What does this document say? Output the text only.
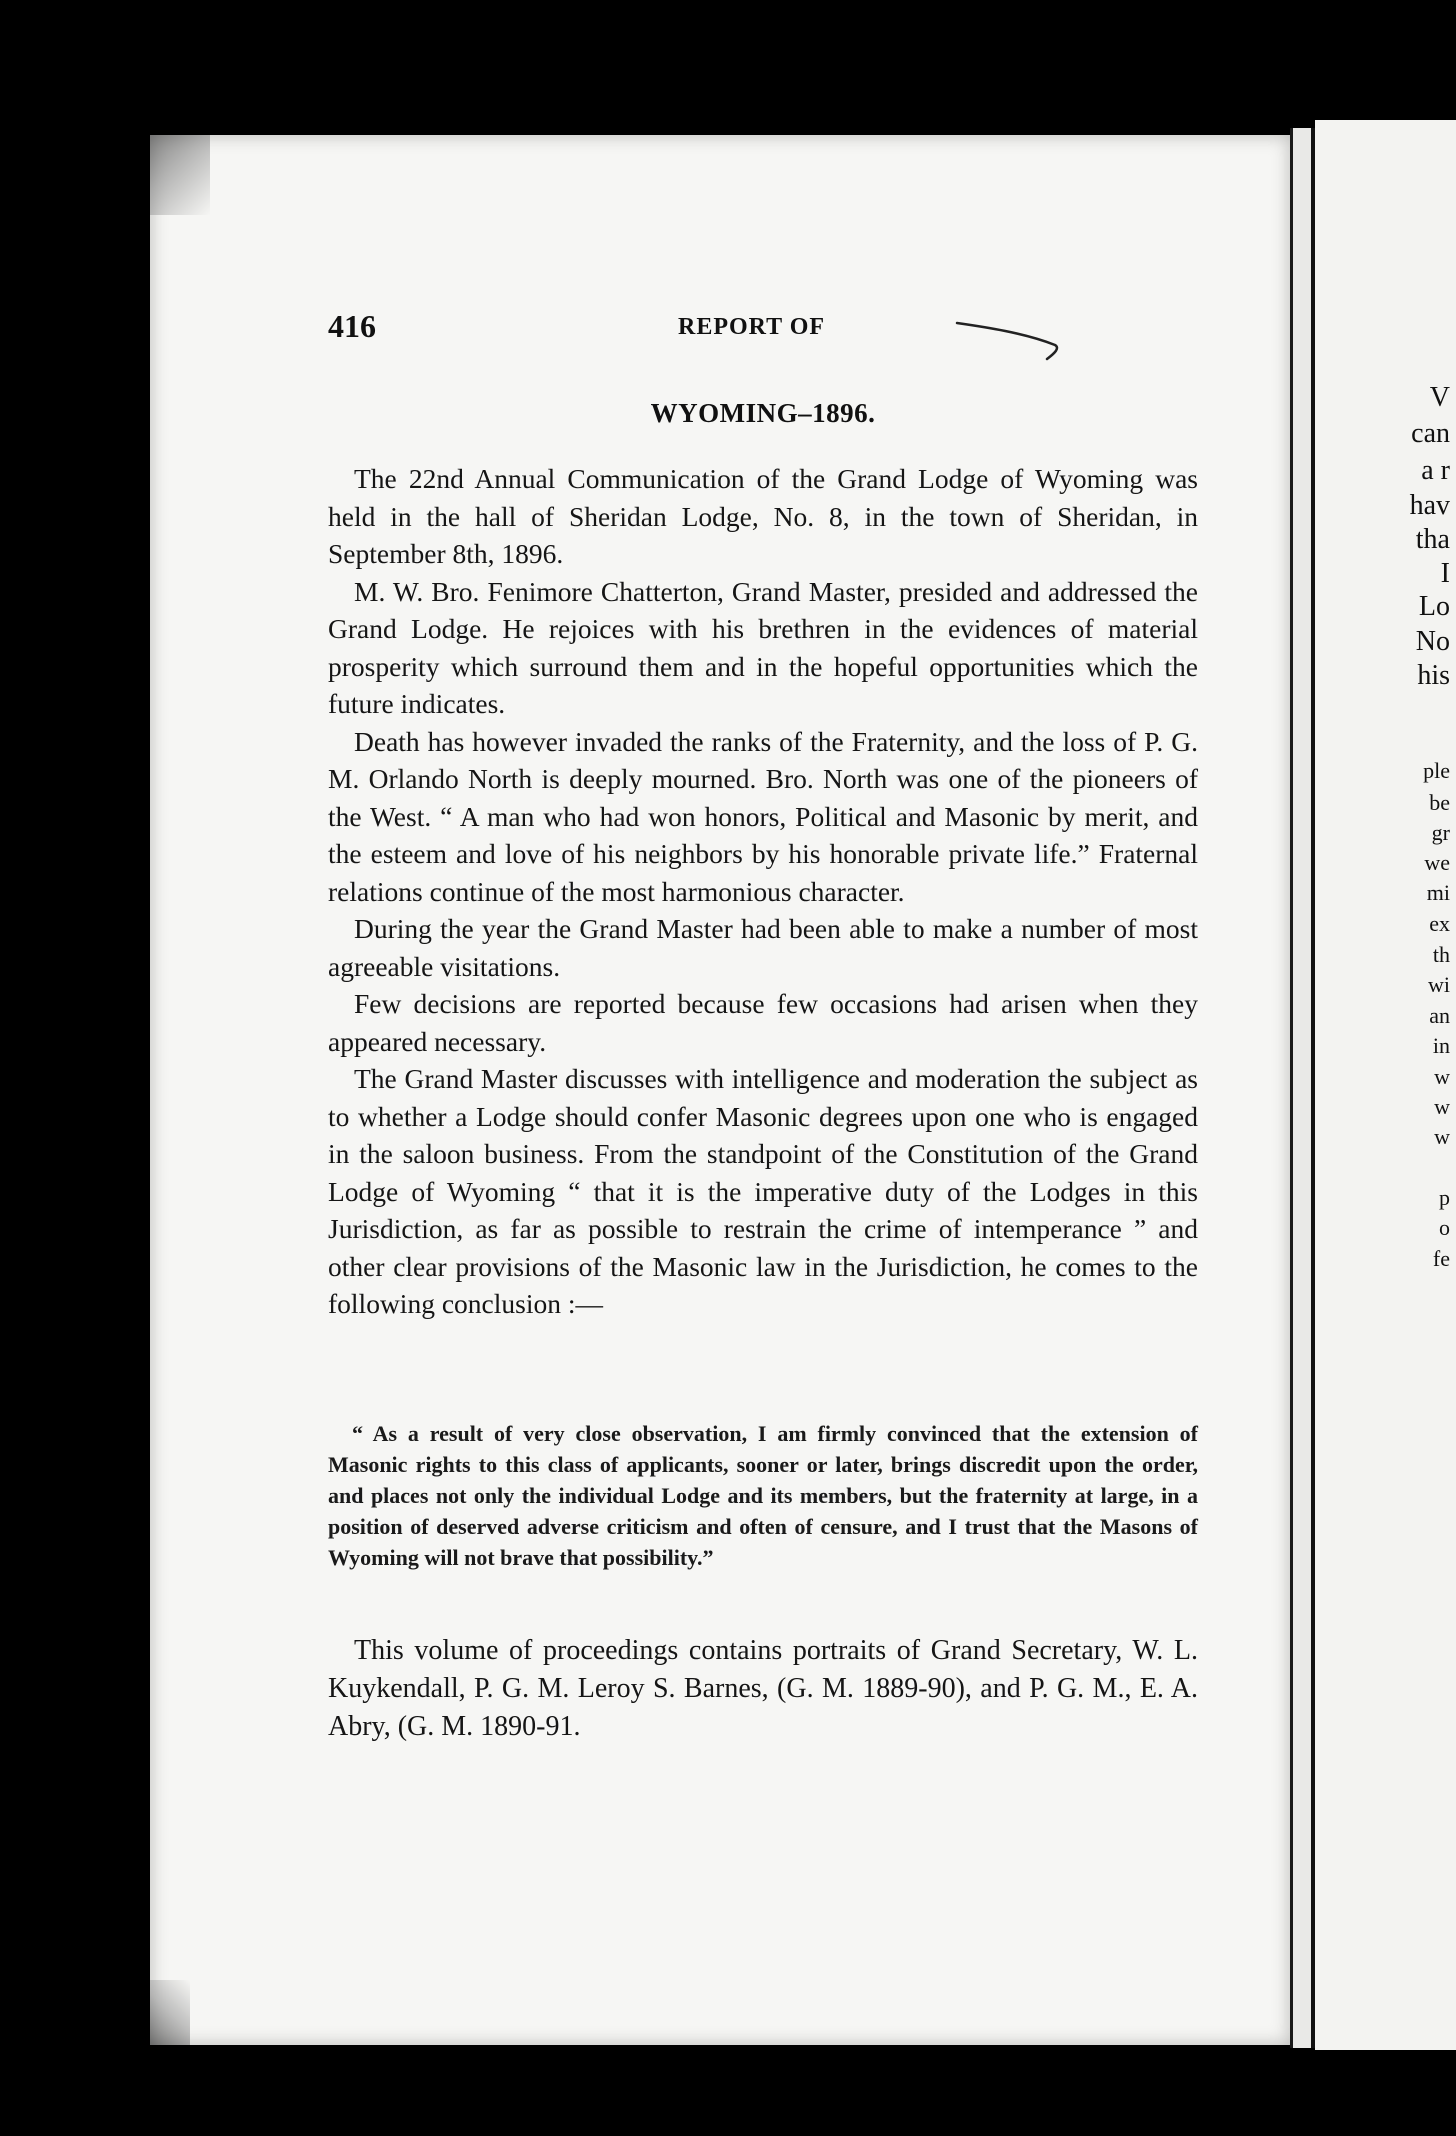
V
can
a r
hav
tha
I
Lo
No
his
ple
be
gr
we
mi
ex
th
wi
an
in
w
w
w
p
o
fe
416	REPORT OF
WYOMING–1896.

The 22nd Annual Communication of the Grand Lodge of Wyoming was held in the hall of Sheridan Lodge, No. 8, in the town of Sheridan, in September 8th, 1896.

M. W. Bro. Fenimore Chatterton, Grand Master, presided and addressed the Grand Lodge. He rejoices with his brethren in the evidences of material prosperity which surround them and in the hopeful opportunities which the future indicates.

Death has however invaded the ranks of the Fraternity, and the loss of P. G. M. Orlando North is deeply mourned. Bro. North was one of the pioneers of the West. “ A man who had won honors, Political and Masonic by merit, and the esteem and love of his neighbors by his honorable private life.” Fraternal relations continue of the most harmonious character.

During the year the Grand Master had been able to make a number of most agreeable visitations.

Few decisions are reported because few occasions had arisen when they appeared necessary.

The Grand Master discusses with intelligence and moderation the subject as to whether a Lodge should confer Masonic degrees upon one who is engaged in the saloon business. From the standpoint of the Constitution of the Grand Lodge of Wyoming “ that it is the imperative duty of the Lodges in this Jurisdiction, as far as possible to restrain the crime of intemperance ” and other clear provisions of the Masonic law in the Jurisdiction, he comes to the following conclusion :—

“ As a result of very close observation, I am firmly convinced that the extension of Masonic rights to this class of applicants, sooner or later, brings discredit upon the order, and places not only the individual Lodge and its members, but the fraternity at large, in a position of deserved adverse criticism and often of censure, and I trust that the Masons of Wyoming will not brave that possibility.”

This volume of proceedings contains portraits of Grand Secretary, W. L. Kuykendall, P. G. M. Leroy S. Barnes, (G. M. 1889-90), and P. G. M., E. A. Abry, (G. M. 1890-91.
